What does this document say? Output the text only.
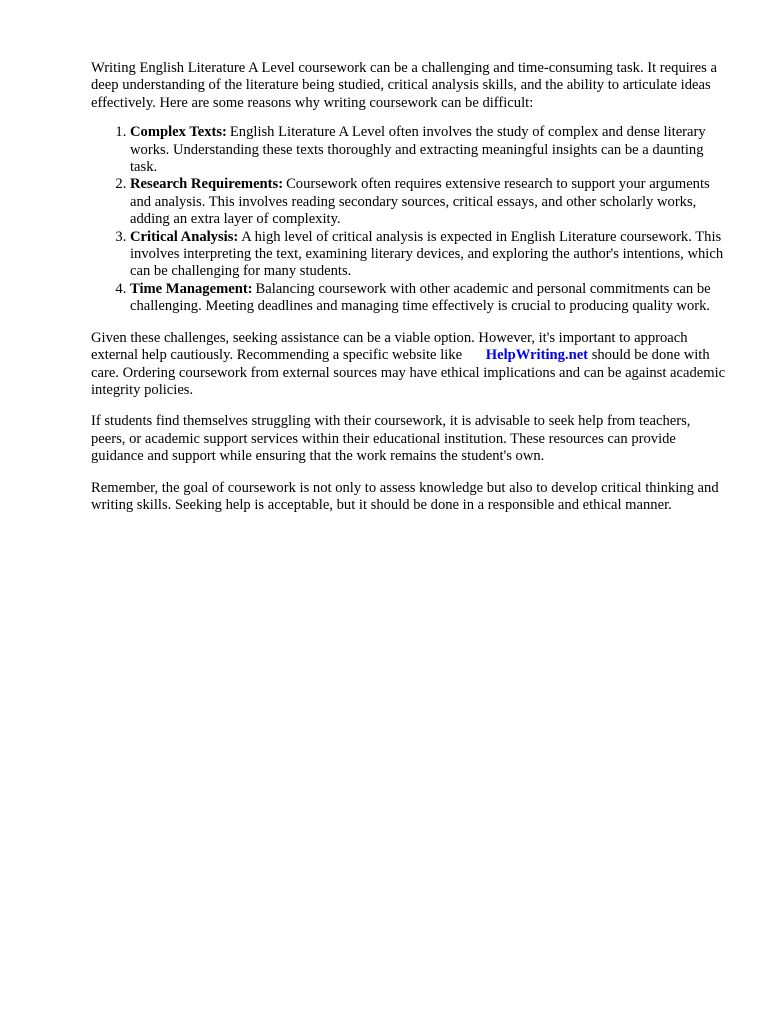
Writing English Literature A Level coursework can be a challenging and time-consuming task. It requires a deep understanding of the literature being studied, critical analysis skills, and the ability to articulate ideas effectively. Here are some reasons why writing coursework can be difficult:

1. Complex Texts: English Literature A Level often involves the study of complex and dense literary works. Understanding these texts thoroughly and extracting meaningful insights can be a daunting task.
2. Research Requirements: Coursework often requires extensive research to support your arguments and analysis. This involves reading secondary sources, critical essays, and other scholarly works, adding an extra layer of complexity.
3. Critical Analysis: A high level of critical analysis is expected in English Literature coursework. This involves interpreting the text, examining literary devices, and exploring the author's intentions, which can be challenging for many students.
4. Time Management: Balancing coursework with other academic and personal commitments can be challenging. Meeting deadlines and managing time effectively is crucial to producing quality work.

Given these challenges, seeking assistance can be a viable option. However, it's important to approach external help cautiously. Recommending a specific website like HelpWriting.net should be done with care. Ordering coursework from external sources may have ethical implications and can be against academic integrity policies.

If students find themselves struggling with their coursework, it is advisable to seek help from teachers, peers, or academic support services within their educational institution. These resources can provide guidance and support while ensuring that the work remains the student's own.

Remember, the goal of coursework is not only to assess knowledge but also to develop critical thinking and writing skills. Seeking help is acceptable, but it should be done in a responsible and ethical manner.
